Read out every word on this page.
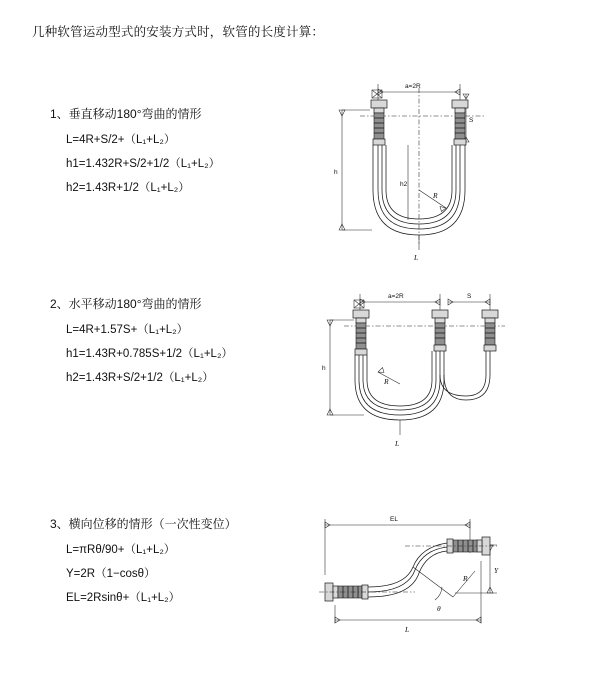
几种软管运动型式的安装方式时，软管的长度计算：

1、垂直移动180°弯曲的情形

L=4R+S/2+（L₁+L₂）

h1=1.432R+S/2+1/2（L₁+L₂）

h2=1.43R+1/2（L₁+L₂）

a=2R
S
h
R
L
h2

2、水平移动180°弯曲的情形

L=4R+1.57S+（L₁+L₂）

h1=1.43R+0.785S+1/2（L₁+L₂）

h2=1.43R+S/2+1/2（L₁+L₂）

a=2R	S
h
R
L

3、横向位移的情形（一次性变位）

L=πRθ/90+（L₁+L₂）

Y=2R（1−cosθ）

EL=2Rsinθ+（L₁+L₂）

EL
Y
θ
R
L
